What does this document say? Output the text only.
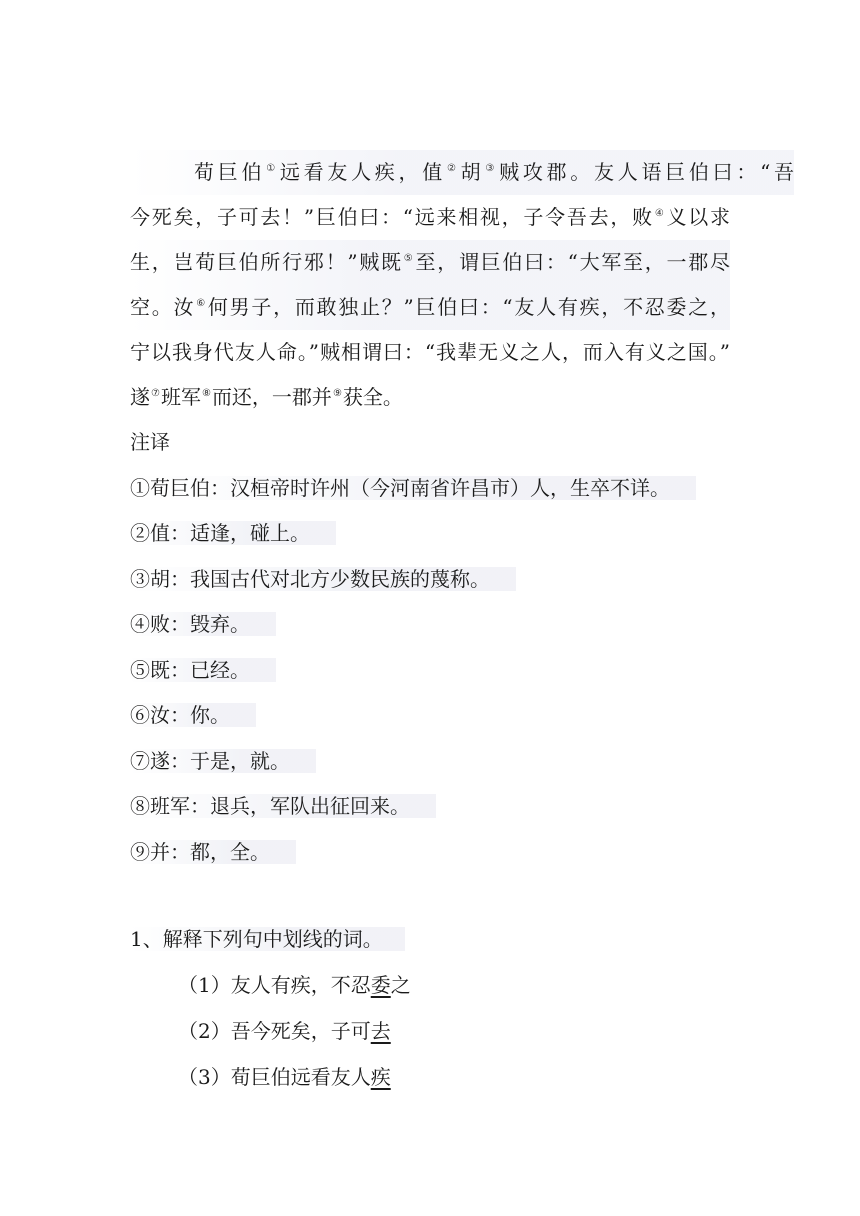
荀巨伯①远看友人疾，值②胡③贼攻郡。友人语巨伯曰：“吾
今死矣，子可去！”巨伯曰：“远来相视，子令吾去，败④义以求
生，岂荀巨伯所行邪！”贼既⑤至，谓巨伯曰：“大军至，一郡尽
空。汝⑥何男子，而敢独止？”巨伯曰：“友人有疾，不忍委之，
宁以我身代友人命。”贼相谓曰：“我辈无义之人，而入有义之国。”
遂⑦班军⑧而还，一郡并⑨获全。
注译
①荀巨伯：汉桓帝时许州（今河南省许昌市）人，生卒不详。
②值：适逢，碰上。
③胡：我国古代对北方少数民族的蔑称。
④败：毁弃。
⑤既：已经。
⑥汝：你。
⑦遂：于是，就。
⑧班军：退兵，军队出征回来。
⑨并：都，全。
1、解释下列句中划线的词。
（1）友人有疾，不忍委之
（2）吾今死矣，子可去
（3）荀巨伯远看友人疾
